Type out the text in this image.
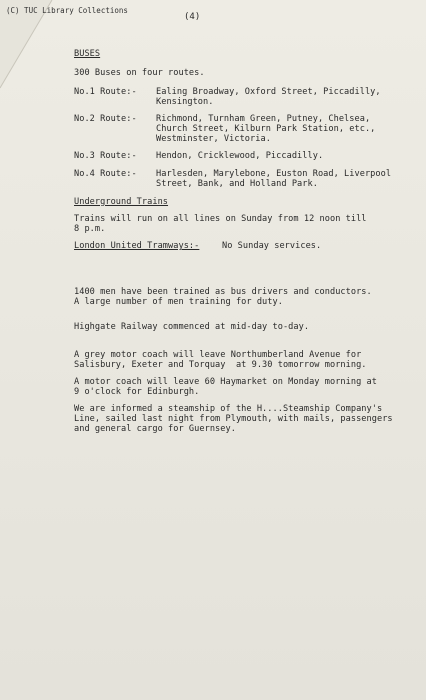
(C) TUC Library Collections
(4)
BUSES
300 Buses on four routes.
No.1 Route:- Ealing Broadway, Oxford Street, Piccadilly,
Kensington.
No.2 Route:- Richmond, Turnham Green, Putney, Chelsea,
Church Street, Kilburn Park Station, etc.,
Westminster, Victoria.
No.3 Route:- Hendon, Cricklewood, Piccadilly.
No.4 Route:- Harlesden, Marylebone, Euston Road, Liverpool
Street, Bank, and Holland Park.
Underground Trains
Trains will run on all lines on Sunday from 12 noon till
8 p.m.
London United Tramways:-	No Sunday services.
1400 men have been trained as bus drivers and conductors.
A large number of men training for duty.
Highgate Railway commenced at mid-day to-day.
A grey motor coach will leave Northumberland Avenue for
Salisbury, Exeter and Torquay  at 9.30 tomorrow morning.
A motor coach will leave 60 Haymarket on Monday morning at
9 o'clock for Edinburgh.
We are informed a steamship of the H....Steamship Company's
Line, sailed last night from Plymouth, with mails, passengers
and general cargo for Guernsey.
